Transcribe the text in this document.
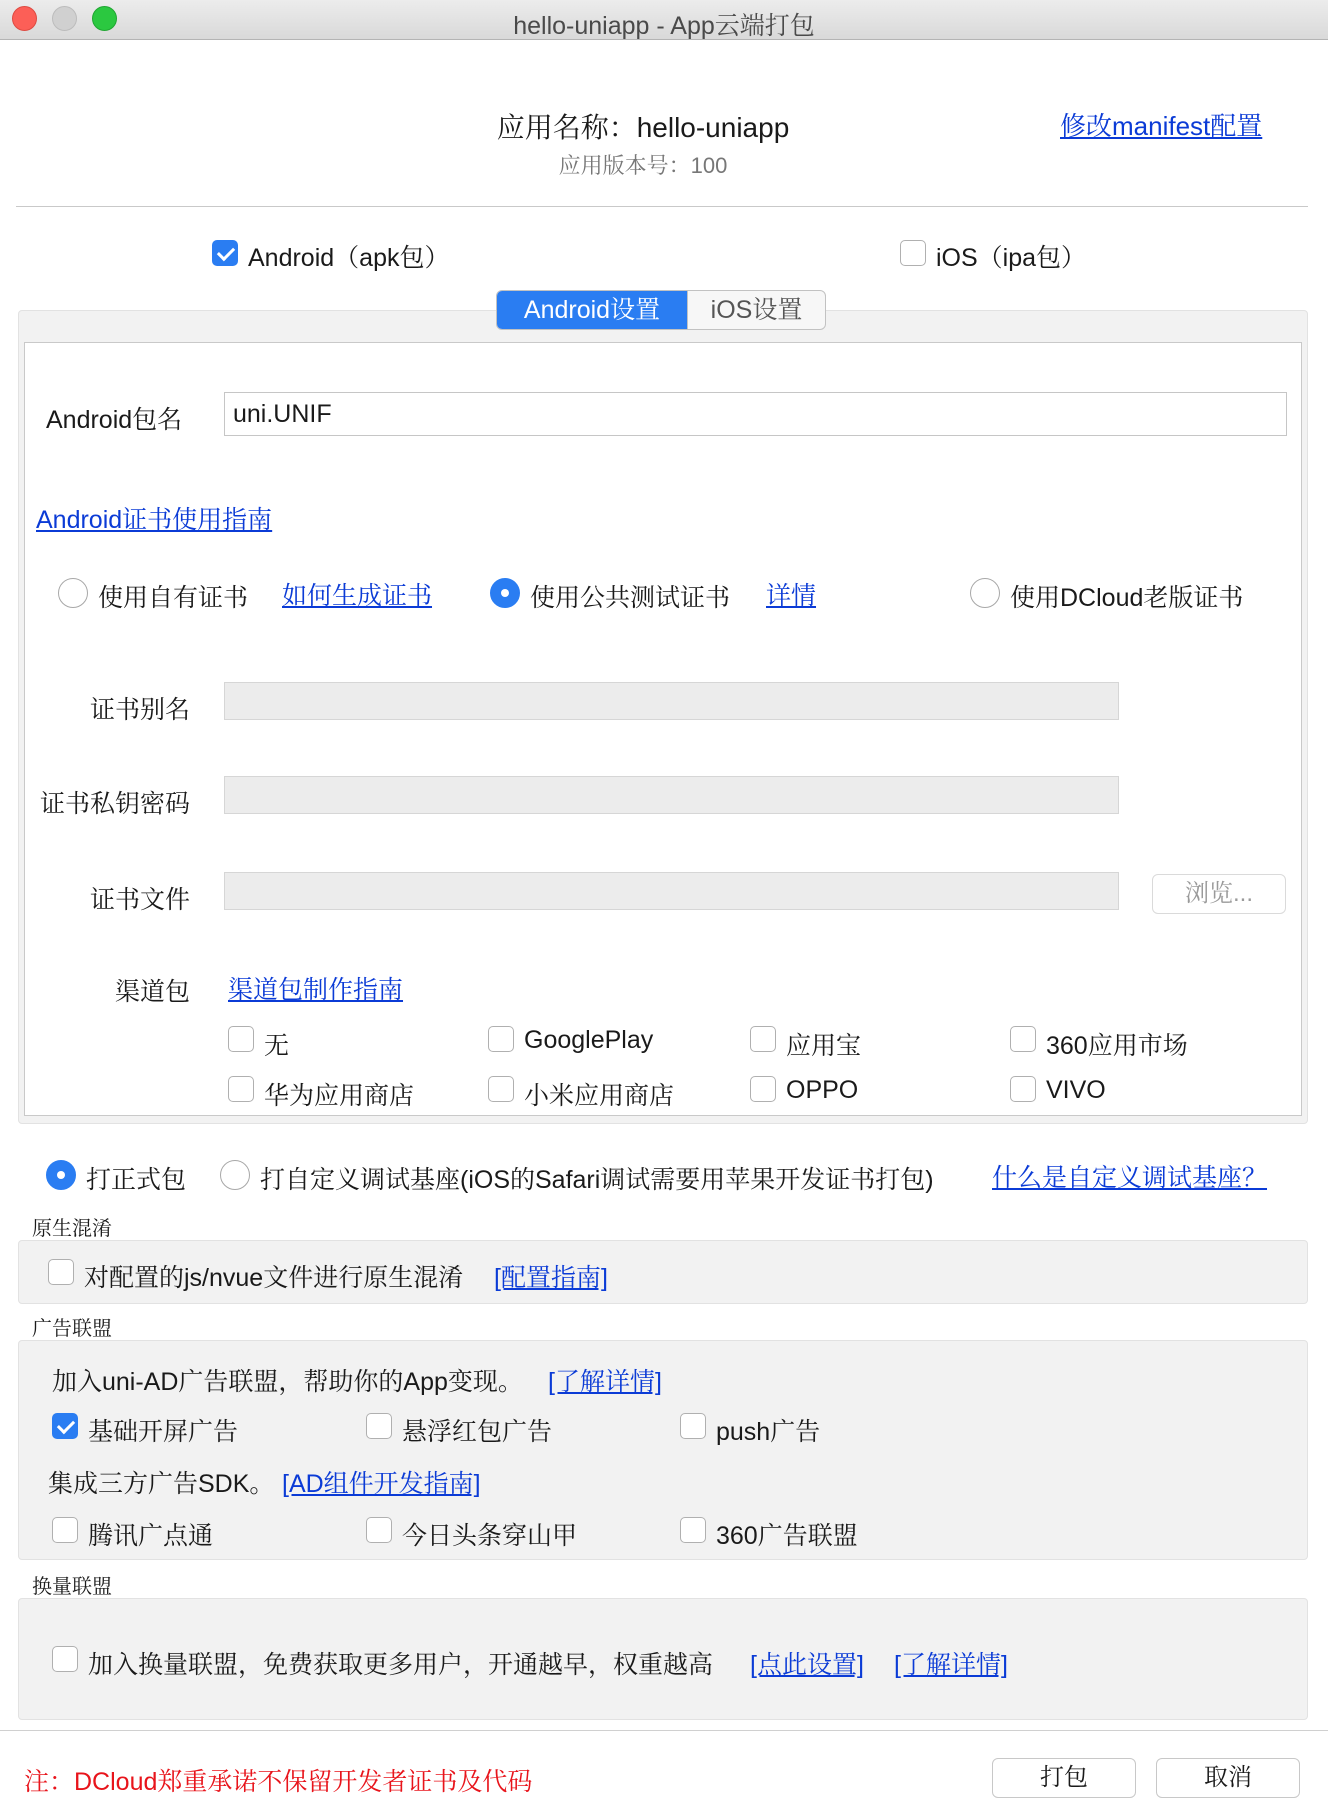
hello-uniapp - App云端打包
应用名称：hello-uniapp
应用版本号：100
修改manifest配置
Android（apk包）	iOS（ipa包）
Android设置	iOS设置
Android包名
uni.UNIF
Android证书使用指南
使用自有证书 如何生成证书	使用公共测试证书 详情	使用DCloud老版证书
证书别名
证书私钥密码
证书文件	浏览...
渠道包 渠道包制作指南
无	GooglePlay	应用宝	360应用市场
华为应用商店	小米应用商店	OPPO	VIVO
打正式包	打自定义调试基座(iOS的Safari调试需要用苹果开发证书打包) 什么是自定义调试基座？
原生混淆
对配置的js/nvue文件进行原生混淆 [配置指南]
广告联盟
加入uni-AD广告联盟，帮助你的App变现。 [了解详情]
基础开屏广告	悬浮红包广告	push广告
集成三方广告SDK。 [AD组件开发指南]
腾讯广点通	今日头条穿山甲	360广告联盟
换量联盟
加入换量联盟，免费获取更多用户，开通越早，权重越高 [点此设置] [了解详情]
注：DCloud郑重承诺不保留开发者证书及代码	打包	取消
